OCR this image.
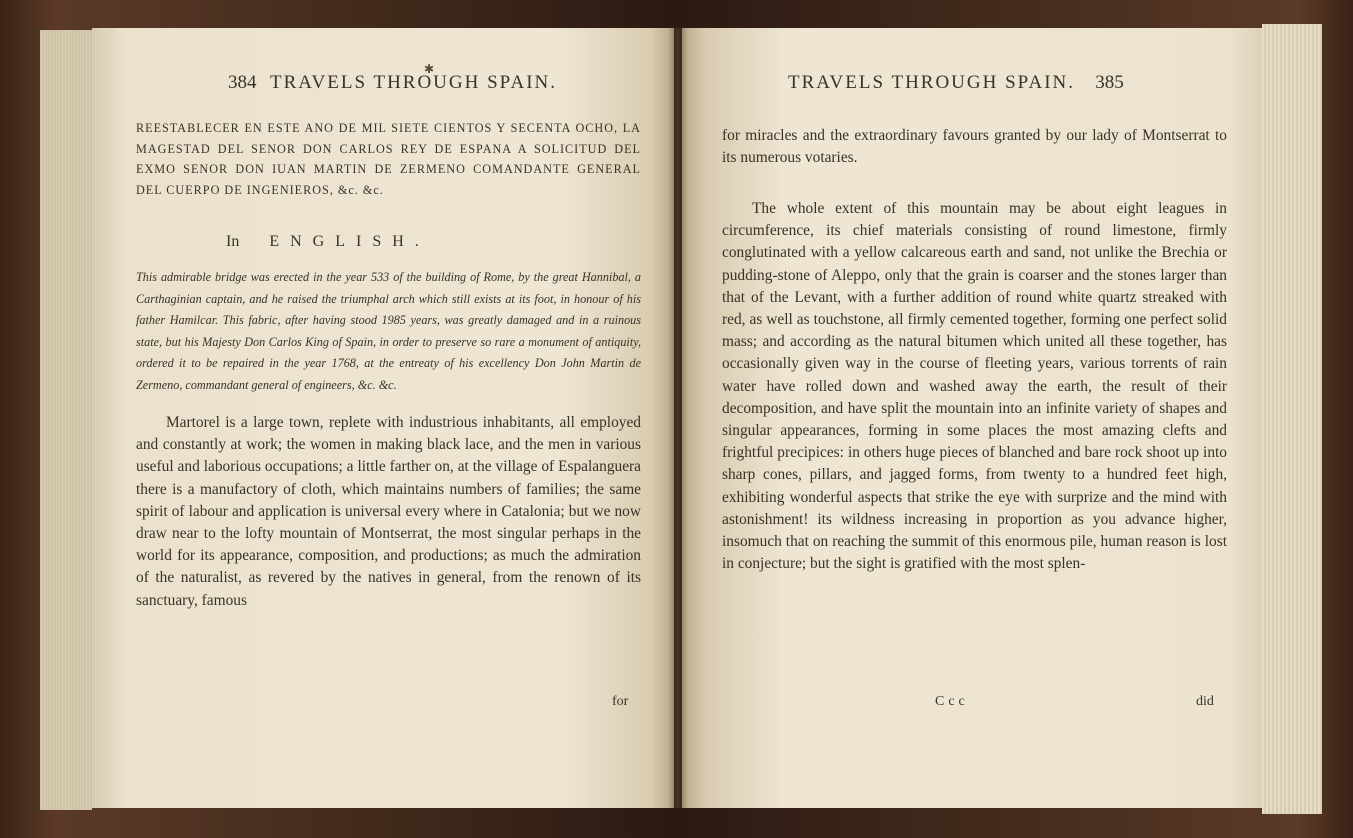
✱
384 TRAVELS THROUGH SPAIN.

REESTABLECER EN ESTE ANO DE MIL SIETE CIENTOS Y SECENTA OCHO, LA MAGESTAD DEL SENOR DON CARLOS REY DE ESPANA A SOLICITUD DEL EXMO SENOR DON IUAN MARTIN DE ZERMENO COMANDANTE GENERAL DEL CUERPO DE INGENIEROS, &c. &c.

In ENGLISH.

This admirable bridge was erected in the year 533 of the building of Rome, by the great Hannibal, a Carthaginian captain, and he raised the triumphal arch which still exists at its foot, in honour of his father Hamilcar. This fabric, after having stood 1985 years, was greatly damaged and in a ruinous state, but his Majesty Don Carlos King of Spain, in order to preserve so rare a monument of antiquity, ordered it to be repaired in the year 1768, at the entreaty of his excellency Don John Martin de Zermeno, commandant general of engineers, &c. &c.

Martorel is a large town, replete with industrious inhabitants, all employed and constantly at work; the women in making black lace, and the men in various useful and laborious occupations; a little farther on, at the village of Espalanguera there is a manufactory of cloth, which maintains numbers of families; the same spirit of labour and application is universal every where in Catalonia; but we now draw near to the lofty mountain of Montserrat, the most singular perhaps in the world for its appearance, composition, and productions; as much the admiration of the naturalist, as revered by the natives in general, from the renown of its sanctuary, famous

for
TRAVELS THROUGH SPAIN. 385

for miracles and the extraordinary favours granted by our lady of Montserrat to its numerous votaries.

The whole extent of this mountain may be about eight leagues in circumference, its chief materials consisting of round limestone, firmly conglutinated with a yellow calcareous earth and sand, not unlike the Brechia or pudding-stone of Aleppo, only that the grain is coarser and the stones larger than that of the Levant, with a further addition of round white quartz streaked with red, as well as touchstone, all firmly cemented together, forming one perfect solid mass; and according as the natural bitumen which united all these together, has occasionally given way in the course of fleeting years, various torrents of rain water have rolled down and washed away the earth, the result of their decomposition, and have split the mountain into an infinite variety of shapes and singular appearances, forming in some places the most amazing clefts and frightful precipices: in others huge pieces of blanched and bare rock shoot up into sharp cones, pillars, and jagged forms, from twenty to a hundred feet high, exhibiting wonderful aspects that strike the eye with surprize and the mind with astonishment! its wildness increasing in proportion as you advance higher, insomuch that on reaching the summit of this enormous pile, human reason is lost in conjecture; but the sight is gratified with the most splen-

Ccc	did
